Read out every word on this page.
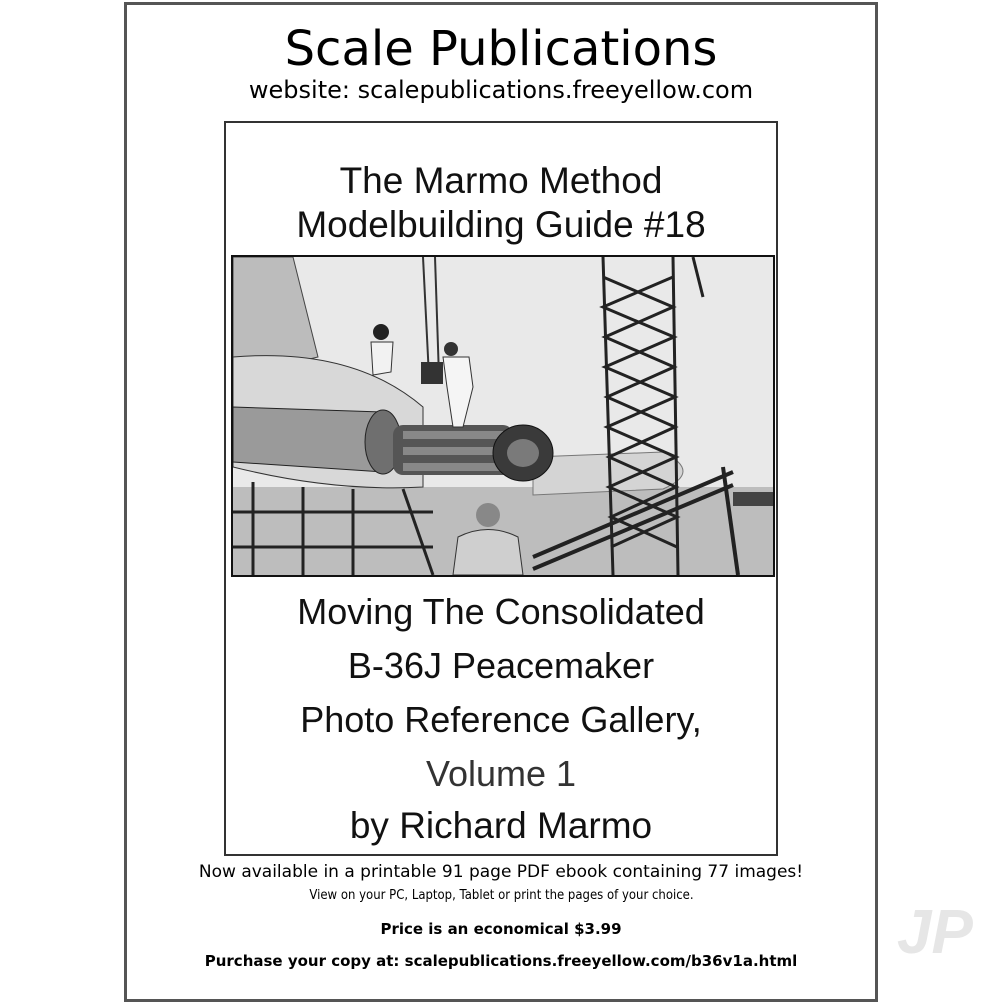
Scale Publications
website: scalepublications.freeyellow.com
The Marmo Method
Modelbuilding Guide #18
Moving The Consolidated
B-36J Peacemaker
Photo Reference Gallery,
Volume 1
by Richard Marmo
Now available in a printable 91 page PDF ebook containing 77 images!
View on your PC, Laptop, Tablet or print the pages of your choice.
Price is an economical $3.99
Purchase your copy at: scalepublications.freeyellow.com/b36v1a.html	JP
